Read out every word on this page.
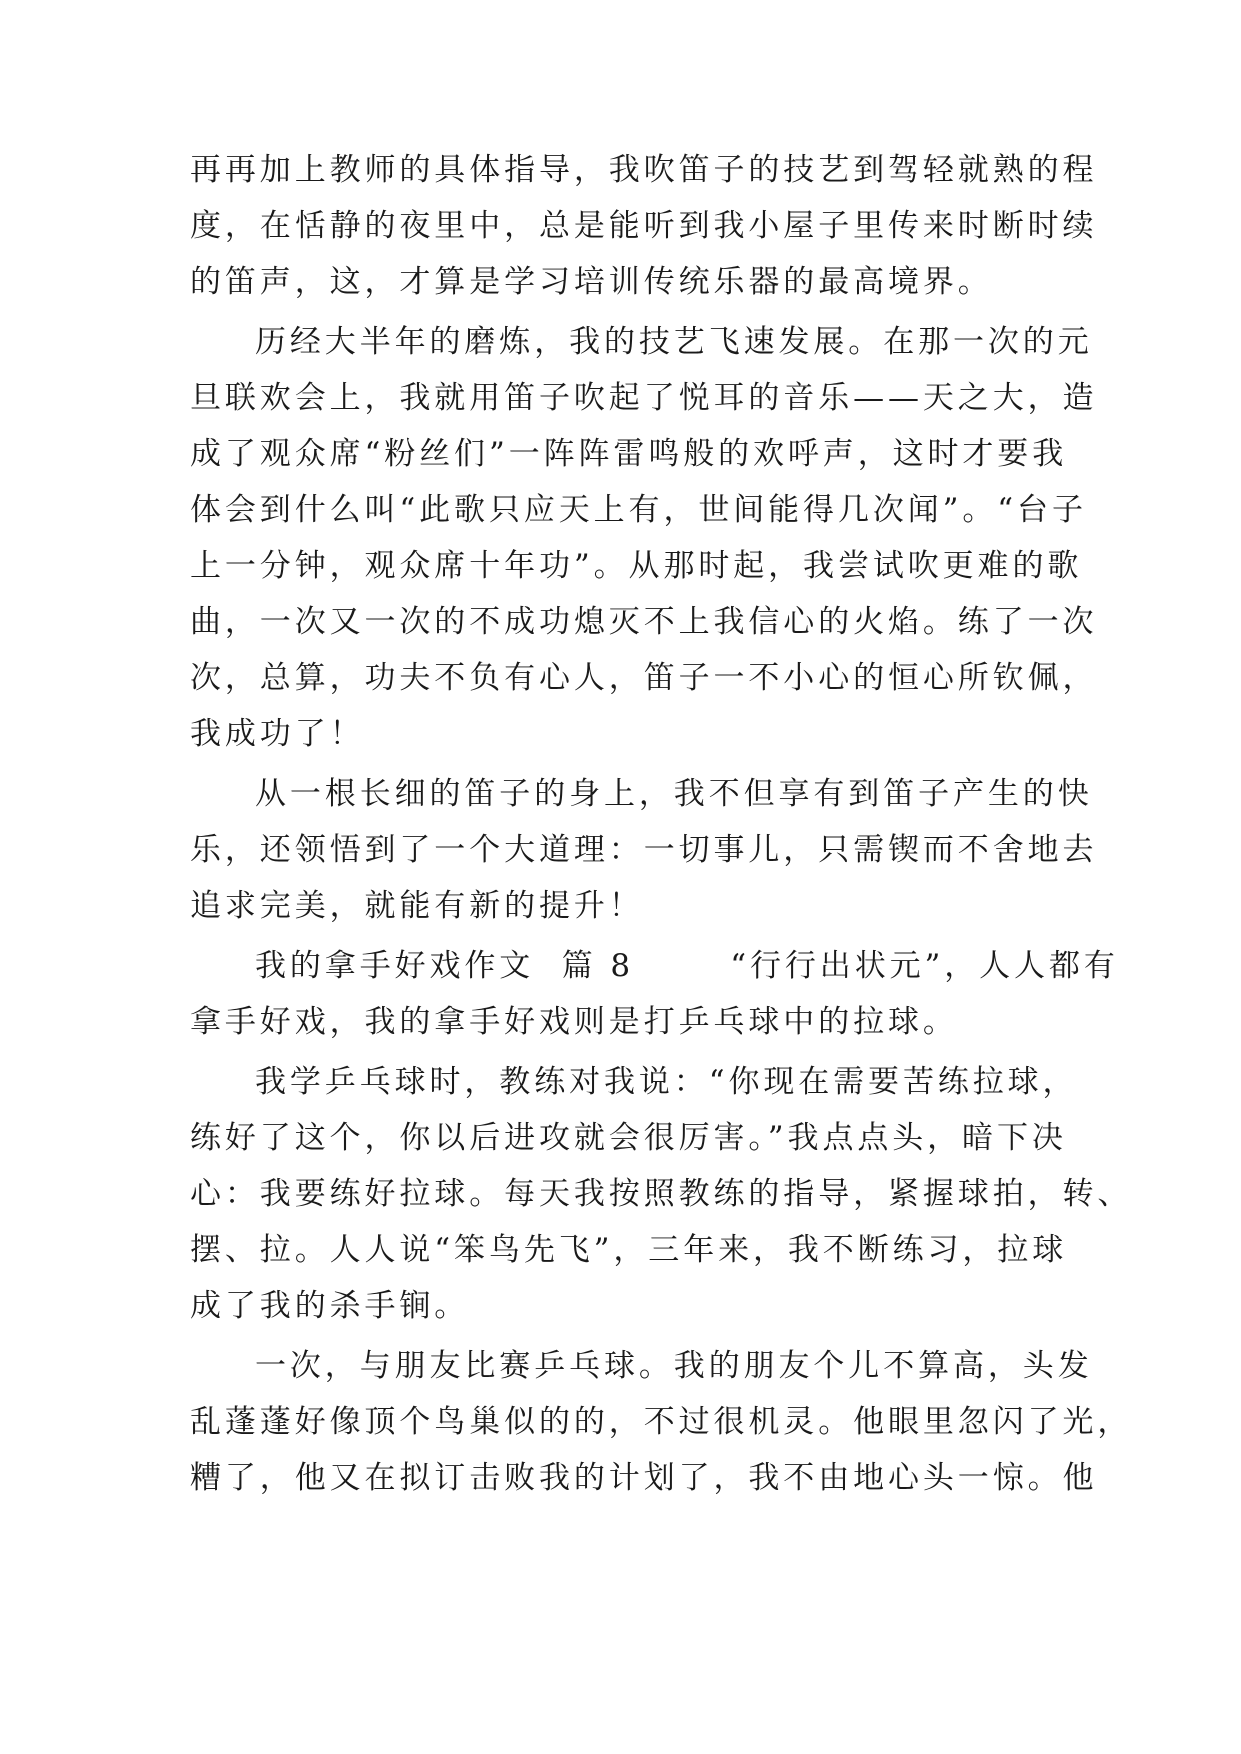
再再加上教师的具体指导，我吹笛子的技艺到驾轻就熟的程
度，在恬静的夜里中，总是能听到我小屋子里传来时断时续
的笛声，这，才算是学习培训传统乐器的最高境界。
历经大半年的磨炼，我的技艺飞速发展。在那一次的元
旦联欢会上，我就用笛子吹起了悦耳的音乐——天之大，造
成了观众席“粉丝们”一阵阵雷鸣般的欢呼声，这时才要我
体会到什么叫“此歌只应天上有，世间能得几次闻”。“台子
上一分钟，观众席十年功”。从那时起，我尝试吹更难的歌
曲，一次又一次的不成功熄灭不上我信心的火焰。练了一次
次，总算，功夫不负有心人，笛子一不小心的恒心所钦佩，
我成功了！
从一根长细的笛子的身上，我不但享有到笛子产生的快
乐，还领悟到了一个大道理：一切事儿，只需锲而不舍地去
追求完美，就能有新的提升！
我的拿手好戏作文  篇 8       “行行出状元”，人人都有
拿手好戏，我的拿手好戏则是打乒乓球中的拉球。
我学乒乓球时，教练对我说：“你现在需要苦练拉球，
练好了这个，你以后进攻就会很厉害。”我点点头，暗下决
心：我要练好拉球。每天我按照教练的指导，紧握球拍，转、
摆、拉。人人说“笨鸟先飞”，三年来，我不断练习，拉球
成了我的杀手锏。
一次，与朋友比赛乒乓球。我的朋友个儿不算高，头发
乱蓬蓬好像顶个鸟巢似的的，不过很机灵。他眼里忽闪了光，
糟了，他又在拟订击败我的计划了，我不由地心头一惊。他
